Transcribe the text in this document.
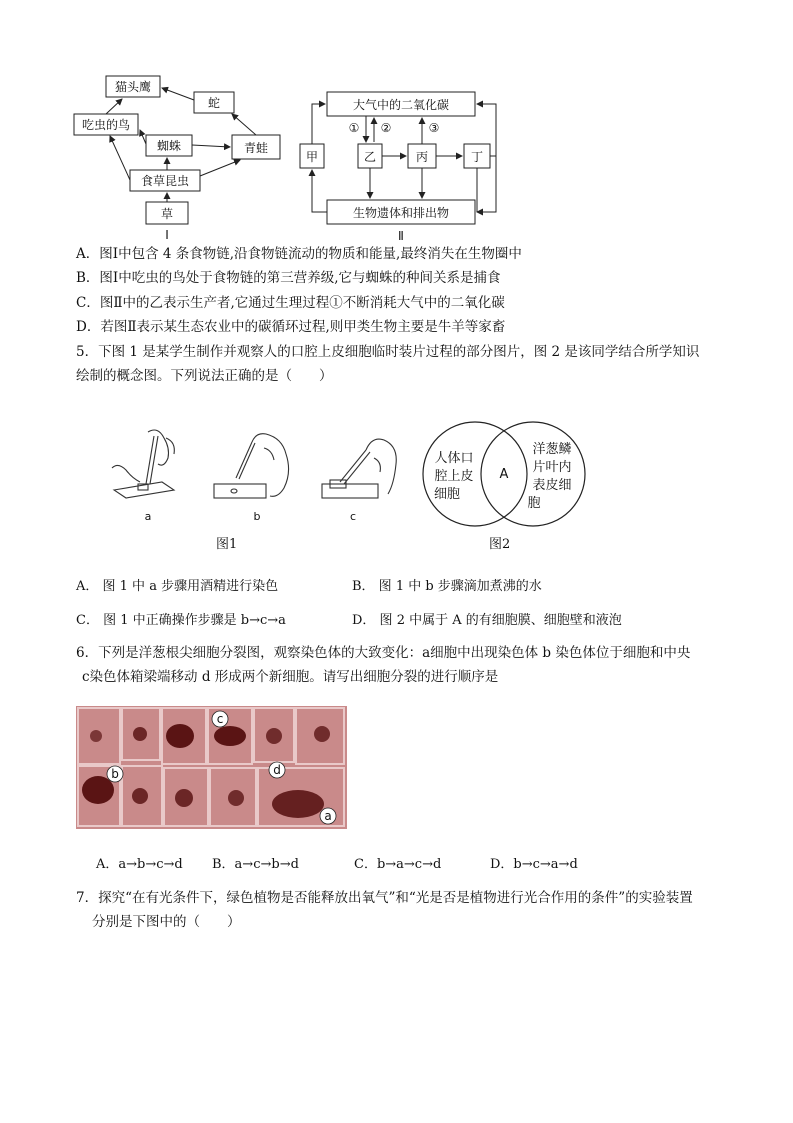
猫头鹰
蛇
吃虫的鸟
蜘蛛	青蛙
食草昆虫
草
Ⅰ
大气中的二氧化碳
甲	乙	丙	丁
生物遗体和排出物
① ②	③
Ⅱ
A．图Ⅰ中包含 4 条食物链,沿食物链流动的物质和能量,最终消失在生物圈中
B．图Ⅰ中吃虫的鸟处于食物链的第三营养级,它与蜘蛛的种间关系是捕食
C．图Ⅱ中的乙表示生产者,它通过生理过程①不断消耗大气中的二氧化碳
D．若图Ⅱ表示某生态农业中的碳循环过程,则甲类生物主要是牛羊等家畜
5．下图 1 是某学生制作并观察人的口腔上皮细胞临时装片过程的部分图片，图 2 是该同学结合所学知识
绘制的概念图。下列说法正确的是（　　）
a	b	c
人体口
腔上皮
细胞
A
洋葱鳞
片叶内
表皮细
胞
图1	图2
A． 图 1 中 a 步骤用酒精进行染色	B． 图 1 中 b 步骤滴加煮沸的水
C． 图 1 中正确操作步骤是 b→c→a	D． 图 2 中属于 A 的有细胞膜、细胞壁和液泡
6．下列是洋葱根尖细胞分裂图，观察染色体的大致变化：a细胞中出现染色体 b 染色体位于细胞和中央
c染色体箱梁端移动 d 形成两个新细胞。请写出细胞分裂的进行顺序是
a
b
c
d
A．a→b→c→d B．a→c→b→d	C．b→a→c→d	D．b→c→a→d
7．探究“在有光条件下，绿色植物是否能释放出氧气”和“光是否是植物进行光合作用的条件”的实验装置
分别是下图中的（　　）
